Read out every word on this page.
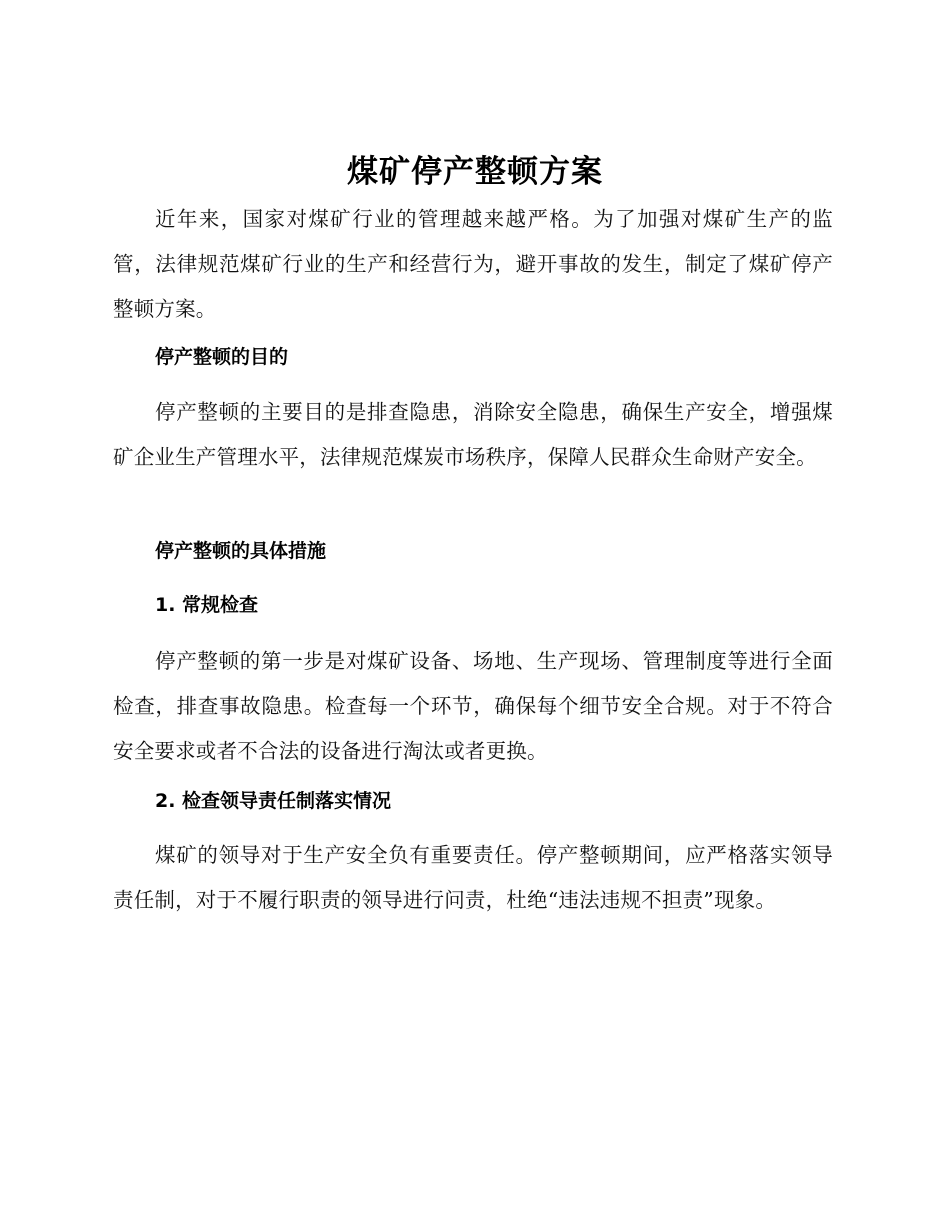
煤矿停产整顿方案

近年来，国家对煤矿行业的管理越来越严格。为了加强对煤矿生产的监管，法律规范煤矿行业的生产和经营行为，避开事故的发生，制定了煤矿停产整顿方案。

停产整顿的目的

停产整顿的主要目的是排查隐患，消除安全隐患，确保生产安全，增强煤矿企业生产管理水平，法律规范煤炭市场秩序，保障人民群众生命财产安全。

停产整顿的具体措施
1. 常规检查

停产整顿的第一步是对煤矿设备、场地、生产现场、管理制度等进行全面检查，排查事故隐患。检查每一个环节，确保每个细节安全合规。对于不符合安全要求或者不合法的设备进行淘汰或者更换。

2. 检查领导责任制落实情况

煤矿的领导对于生产安全负有重要责任。停产整顿期间，应严格落实领导责任制，对于不履行职责的领导进行问责，杜绝“违法违规不担责”现象。
